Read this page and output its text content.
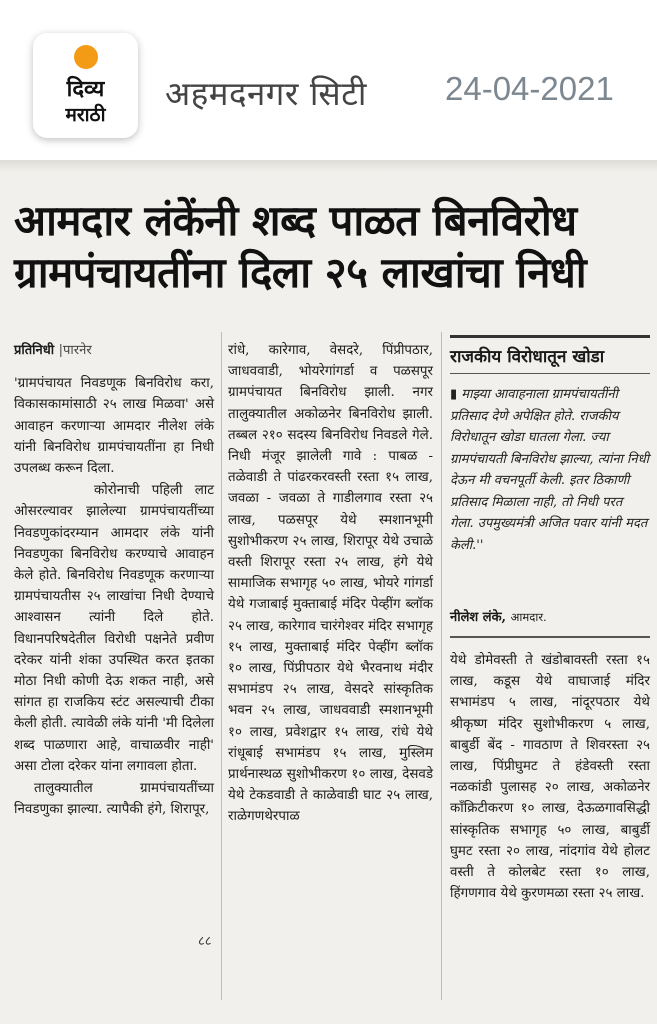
दिव्य
मराठी
अहमदनगर सिटी 24-04-2021
आमदार लंकेंनी शब्द पाळत बिनविरोध
ग्रामपंचायतींना दिला २५ लाखांचा निधी
प्रतिनिधी |पारनेर

'ग्रामपंचायत निवडणूक बिनविरोध करा, विकासकामांसाठी २५ लाख मिळवा' असे आवाहन करणाऱ्या आमदार नीलेश लंके यांनी बिनविरोध ग्रामपंचायतींना हा निधी उपलब्ध करून दिला.

कोरोनाची पहिली लाट ओसरल्यावर झालेल्या ग्रामपंचायतींच्या निवडणुकांदरम्यान आमदार लंके यांनी निवडणुका बिनविरोध करण्याचे आवाहन केले होते. बिनविरोध निवडणूक करणाऱ्या ग्रामपंचायतीस २५ लाखांचा निधी देण्याचे आश्वासन त्यांनी दिले होते. विधानपरिषदेतील विरोधी पक्षनेते प्रवीण दरेकर यांनी शंका उपस्थित करत इतका मोठा निधी कोणी देऊ शकत नाही, असे सांगत हा राजकिय स्टंट असल्याची टीका केली होती. त्यावेळी लंके यांनी 'मी दिलेला शब्द पाळणारा आहे, वाचाळवीर नाही' असा टोला दरेकर यांना लगावला होता.

तालुक्यातील ग्रामपंचायतींच्या निवडणुका झाल्या. त्यापैकी हंगे, शिरापूर,

८८

रांधे, कारेगाव, वेसदरे, पिंप्रीपठार, जाधववाडी, भोयरेगांगर्डा व पळसपूर ग्रामपंचायत बिनविरोध झाली. नगर तालुक्यातील अकोळनेर बिनविरोध झाली. तब्बल २१० सदस्य बिनविरोध निवडले गेले. निधी मंजूर झालेली गावे : पाबळ - तळेवाडी ते पांढरकरवस्ती रस्ता १५ लाख, जवळा - जवळा ते गाडीलगाव रस्ता २५ लाख, पळसपूर येथे स्मशानभूमी सुशोभीकरण २५ लाख, शिरापूर येथे उचाळे वस्ती शिरापूर रस्ता २५ लाख, हंगे येथे सामाजिक सभागृह ५० लाख, भोयरे गांगर्डा येथे गजाबाई मुक्ताबाई मंदिर पेव्हींग ब्लॉक २५ लाख, कारेगाव चारंगेश्वर मंदिर सभागृह १५ लाख, मुक्ताबाई मंदिर पेव्हींग ब्लॉक १० लाख, पिंप्रीपठार येथे भैरवनाथ मंदीर सभामंडप २५ लाख, वेसदरे सांस्कृतिक भवन २५ लाख, जाधववाडी स्मशानभूमी १० लाख, प्रवेशद्वार १५ लाख, रांधे येथे रांधूबाई सभामंडप १५ लाख, मुस्लिम प्रार्थनास्थळ सुशोभीकरण १० लाख, देसवडे येथे टेकडवाडी ते काळेवाडी घाट २५ लाख, राळेगणथेरपाळ

राजकीय विरोधातून खोडा
▮ माझ्या आवाहनाला ग्रामपंचायतींनी प्रतिसाद देणे अपेक्षित होते. राजकीय विरोधातून खोडा घातला गेला. ज्या ग्रामपंचायती बिनविरोध झाल्या, त्यांना निधी देऊन मी वचनपूर्ती केली. इतर ठिकाणी प्रतिसाद मिळाला नाही, तो निधी परत गेला. उपमुख्यमंत्री अजित पवार यांनी मदत केली.''
नीलेश लंके, आमदार.

येथे डोमेवस्ती ते खंडोबावस्ती रस्ता १५ लाख, कडूस येथे वाघाजाई मंदिर सभामंडप ५ लाख, नांदूरपठार येथे श्रीकृष्ण मंदिर सुशोभीकरण ५ लाख, बाबुर्डी बेंद - गावठाण ते शिवरस्ता २५ लाख, पिंप्रीघुमट ते हंडेवस्ती रस्ता नळकांडी पुलासह २० लाख, अकोळनेर काँक्रिटीकरण १० लाख, देऊळगावसिद्धी सांस्कृतिक सभागृह ५० लाख, बाबुर्डी घुमट रस्ता २० लाख, नांदगांव येथे होलट वस्ती ते कोलबेट रस्ता १० लाख, हिंगणगाव येथे कुरणमळा रस्ता २५ लाख.
